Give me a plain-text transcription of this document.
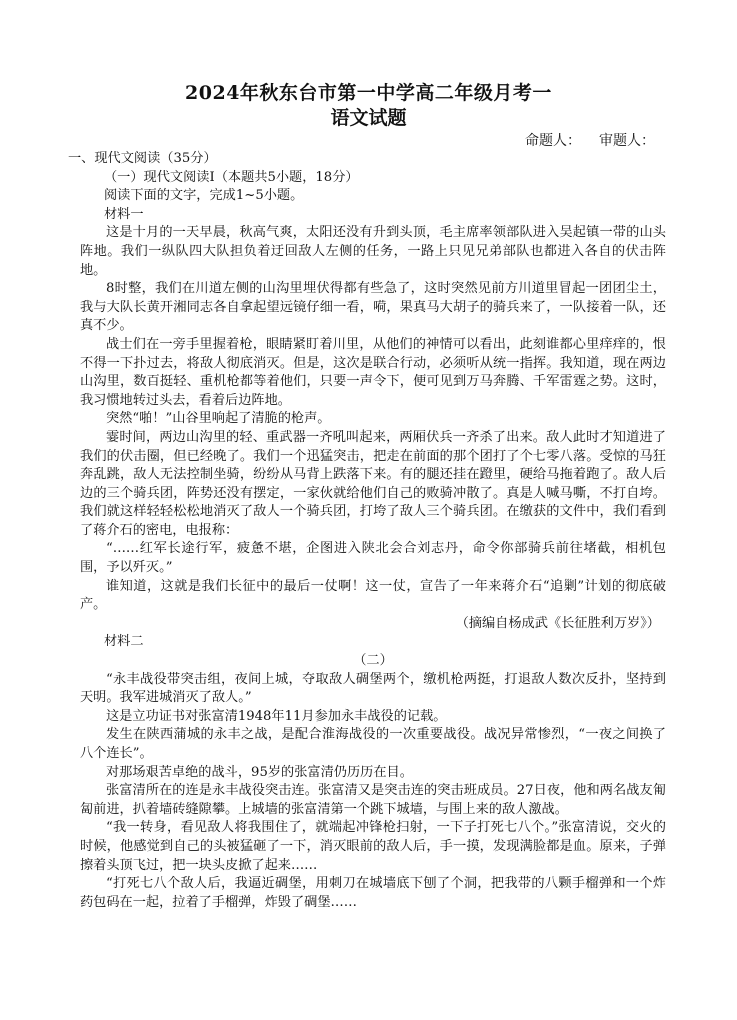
2024年秋东台市第一中学高二年级月考一
语文试题
命题人： 审题人：

一、现代文阅读（35分）

（一）现代文阅读Ⅰ（本题共5小题，18分）

阅读下面的文字，完成1~5小题。

材料一

这是十月的一天早晨，秋高气爽，太阳还没有升到头顶，毛主席率领部队进入吴起镇一带的山头阵地。我们一纵队四大队担负着迂回敌人左侧的任务，一路上只见兄弟部队也都进入各自的伏击阵地。

8时整，我们在川道左侧的山沟里埋伏得都有些急了，这时突然见前方川道里冒起一团团尘土，我与大队长黄开湘同志各自拿起望远镜仔细一看，嗬，果真马大胡子的骑兵来了，一队接着一队，还真不少。

战士们在一旁手里握着枪，眼睛紧盯着川里，从他们的神情可以看出，此刻谁都心里痒痒的，恨不得一下扑过去，将敌人彻底消灭。但是，这次是联合行动，必须听从统一指挥。我知道，现在两边山沟里，数百挺轻、重机枪都等着他们，只要一声令下，便可见到万马奔腾、千军雷霆之势。这时，我习惯地转过头去，看着后边阵地。

突然“啪！”山谷里响起了清脆的枪声。

霎时间，两边山沟里的轻、重武器一齐吼叫起来，两厢伏兵一齐杀了出来。敌人此时才知道进了我们的伏击圈，但已经晚了。我们一个迅猛突击，把走在前面的那个团打了个七零八落。受惊的马狂奔乱跳，敌人无法控制坐骑，纷纷从马背上跌落下来。有的腿还挂在蹬里，硬给马拖着跑了。敌人后边的三个骑兵团，阵势还没有摆定，一家伙就给他们自己的败骑冲散了。真是人喊马嘶，不打自垮。我们就这样轻轻松松地消灭了敌人一个骑兵团，打垮了敌人三个骑兵团。在缴获的文件中，我们看到了蒋介石的密电，电报称：

“……红军长途行军，疲惫不堪，企图进入陕北会合刘志丹，命令你部骑兵前往堵截，相机包围，予以歼灭。”

谁知道，这就是我们长征中的最后一仗啊！这一仗，宣告了一年来蒋介石“追剿”计划的彻底破产。

（摘编自杨成武《长征胜利万岁》）

材料二

（二）

“永丰战役带突击组，夜间上城，夺取敌人碉堡两个，缴机枪两挺，打退敌人数次反扑，坚持到天明。我军进城消灭了敌人。”

这是立功证书对张富清1948年11月参加永丰战役的记载。

发生在陕西蒲城的永丰之战，是配合淮海战役的一次重要战役。战况异常惨烈，“一夜之间换了八个连长”。

对那场艰苦卓绝的战斗，95岁的张富清仍历历在目。

张富清所在的连是永丰战役突击连。张富清又是突击连的突击班成员。27日夜，他和两名战友匍匐前进，扒着墙砖缝隙攀。上城墙的张富清第一个跳下城墙，与围上来的敌人激战。

“我一转身，看见敌人将我围住了，就端起冲锋枪扫射，一下子打死七八个。”张富清说，交火的时候，他感觉到自己的头被猛砸了一下，消灭眼前的敌人后，手一摸，发现满脸都是血。原来，子弹擦着头顶飞过，把一块头皮掀了起来……

“打死七八个敌人后，我逼近碉堡，用刺刀在城墙底下刨了个洞，把我带的八颗手榴弹和一个炸药包码在一起，拉着了手榴弹，炸毁了碉堡……
